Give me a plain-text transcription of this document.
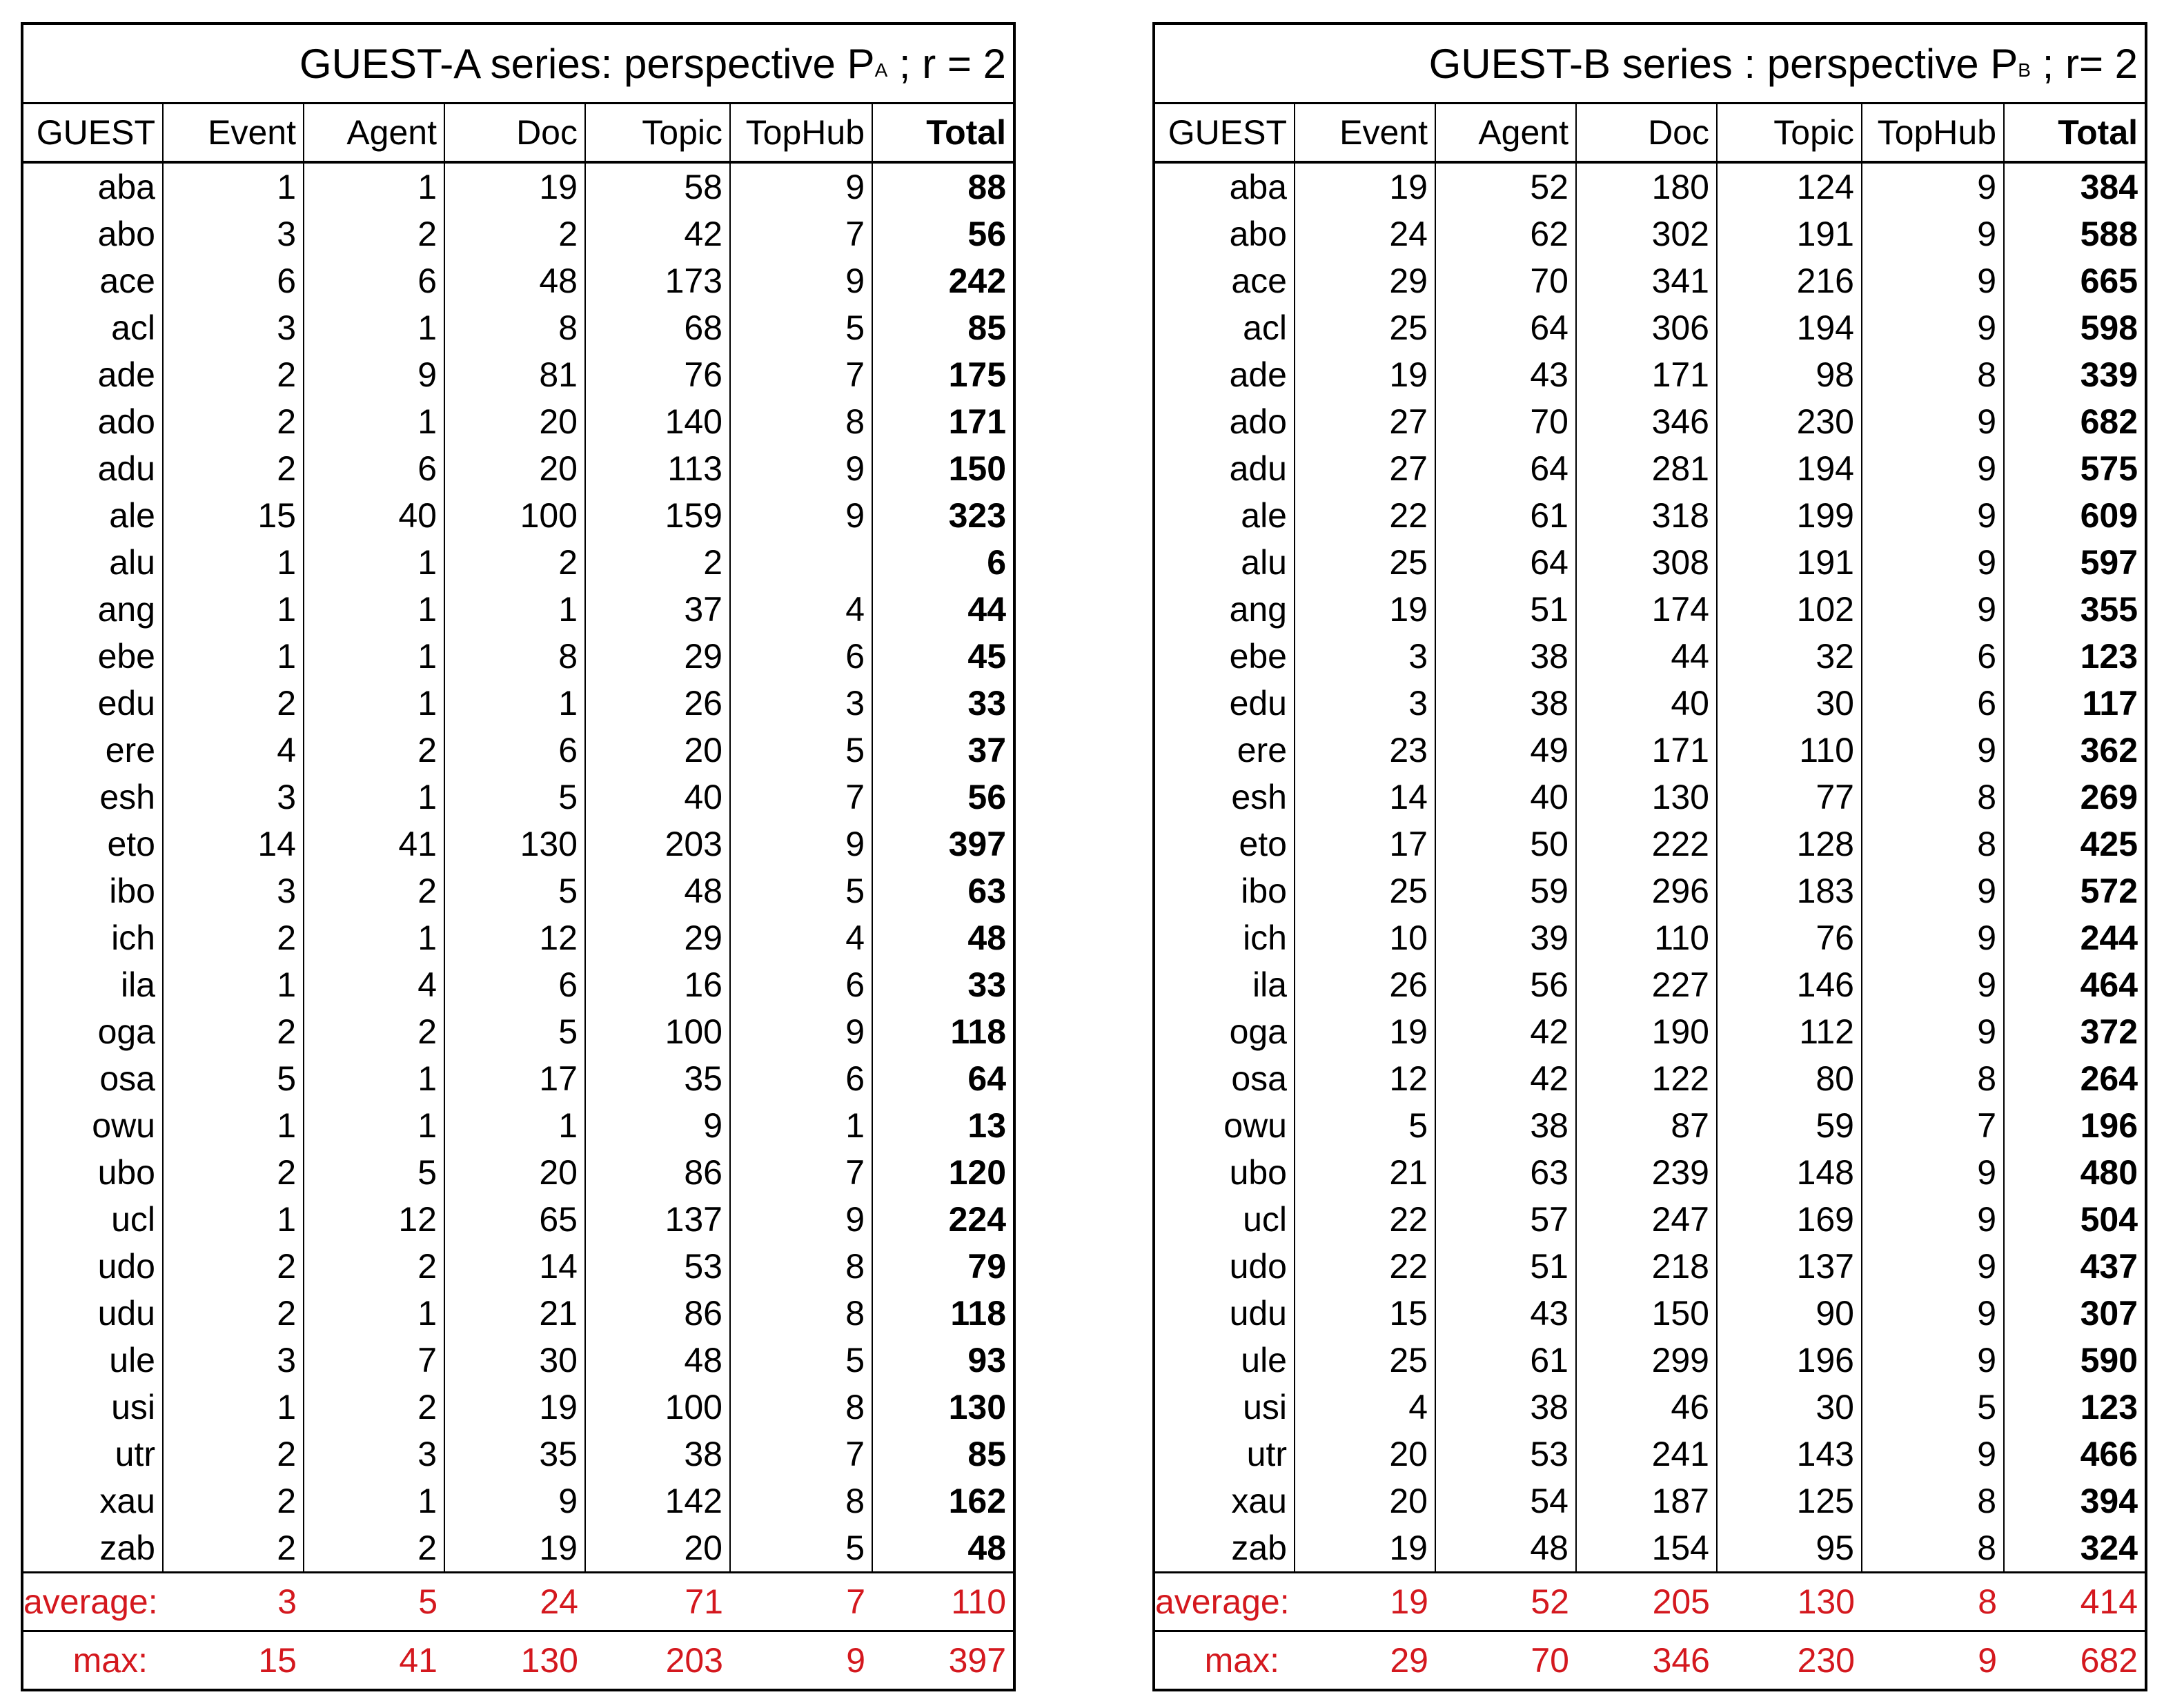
GUEST-A series: perspective $P_A$ ; r = 2						
GUEST	Event	Agent	Doc	Topic	TopHub	Total
aba	1	1	19	58	9	88
abo	3	2	2	42	7	56
ace	6	6	48	173	9	242
acl	3	1	8	68	5	85
ade	2	9	81	76	7	175
ado	2	1	20	140	8	171
adu	2	6	20	113	9	150
ale	15	40	100	159	9	323
alu	1	1	2	2		6
ang	1	1	1	37	4	44
ebe	1	1	8	29	6	45
edu	2	1	1	26	3	33
ere	4	2	6	20	5	37
esh	3	1	5	40	7	56
eto	14	41	130	203	9	397
ibo	3	2	5	48	5	63
ich	2	1	12	29	4	48
ila	1	4	6	16	6	33
oga	2	2	5	100	9	118
osa	5	1	17	35	6	64
owu	1	1	1	9	1	13
ubo	2	5	20	86	7	120
ucl	1	12	65	137	9	224
udo	2	2	14	53	8	79
udu	2	1	21	86	8	118
ule	3	7	30	48	5	93
usi	1	2	19	100	8	130
utr	2	3	35	38	7	85
xau	2	1	9	142	8	162
zab	2	2	19	20	5	48
average:	3	5	24	71	7	110
max:	15	41	130	203	9	397
GUEST-B series : perspective $P_B$ ; r= 2						
GUEST	Event	Agent	Doc	Topic	TopHub	Total
aba	19	52	180	124	9	384
abo	24	62	302	191	9	588
ace	29	70	341	216	9	665
acl	25	64	306	194	9	598
ade	19	43	171	98	8	339
ado	27	70	346	230	9	682
adu	27	64	281	194	9	575
ale	22	61	318	199	9	609
alu	25	64	308	191	9	597
ang	19	51	174	102	9	355
ebe	3	38	44	32	6	123
edu	3	38	40	30	6	117
ere	23	49	171	110	9	362
esh	14	40	130	77	8	269
eto	17	50	222	128	8	425
ibo	25	59	296	183	9	572
ich	10	39	110	76	9	244
ila	26	56	227	146	9	464
oga	19	42	190	112	9	372
osa	12	42	122	80	8	264
owu	5	38	87	59	7	196
ubo	21	63	239	148	9	480
ucl	22	57	247	169	9	504
udo	22	51	218	137	9	437
udu	15	43	150	90	9	307
ule	25	61	299	196	9	590
usi	4	38	46	30	5	123
utr	20	53	241	143	9	466
xau	20	54	187	125	8	394
zab	19	48	154	95	8	324
average:	19	52	205	130	8	414
max:	29	70	346	230	9	682
